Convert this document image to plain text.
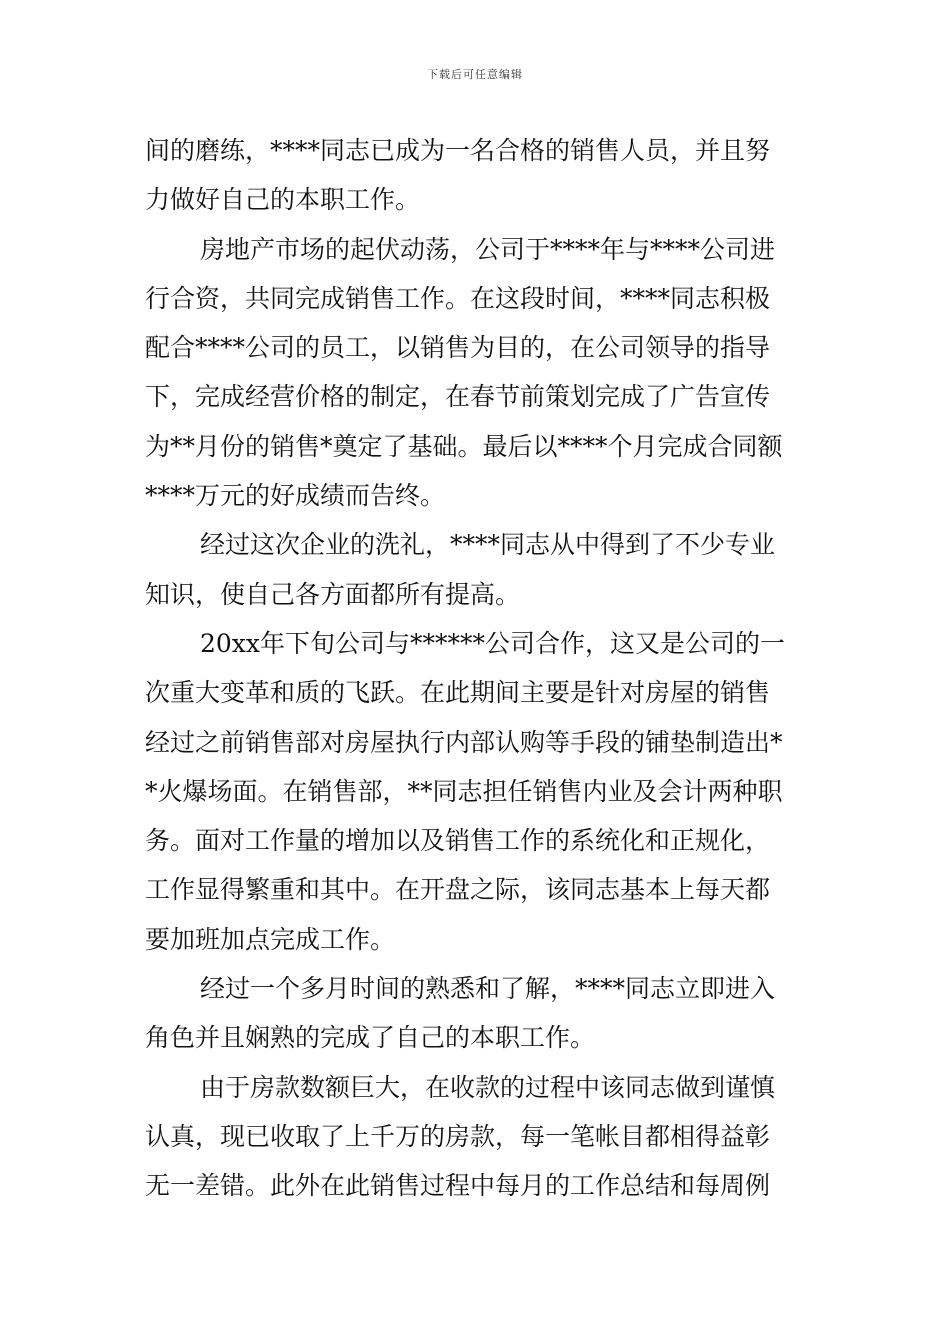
下载后可任意编辑
间的磨练，****同志已成为一名合格的销售人员，并且努
力做好自己的本职工作。
房地产市场的起伏动荡，公司于****年与****公司进
行合资，共同完成销售工作。在这段时间，****同志积极
配合****公司的员工，以销售为目的，在公司领导的指导
下，完成经营价格的制定，在春节前策划完成了广告宣传
为**月份的销售*奠定了基础。最后以****个月完成合同额
****万元的好成绩而告终。
经过这次企业的洗礼，****同志从中得到了不少专业
知识，使自己各方面都所有提高。
20xx年下旬公司与******公司合作，这又是公司的一
次重大变革和质的飞跃。在此期间主要是针对房屋的销售
经过之前销售部对房屋执行内部认购等手段的铺垫制造出*
*火爆场面。在销售部，**同志担任销售内业及会计两种职
务。面对工作量的增加以及销售工作的系统化和正规化，
工作显得繁重和其中。在开盘之际，该同志基本上每天都
要加班加点完成工作。
经过一个多月时间的熟悉和了解，****同志立即进入
角色并且娴熟的完成了自己的本职工作。
由于房款数额巨大，在收款的过程中该同志做到谨慎
认真，现已收取了上千万的房款，每一笔帐目都相得益彰
无一差错。此外在此销售过程中每月的工作总结和每周例
